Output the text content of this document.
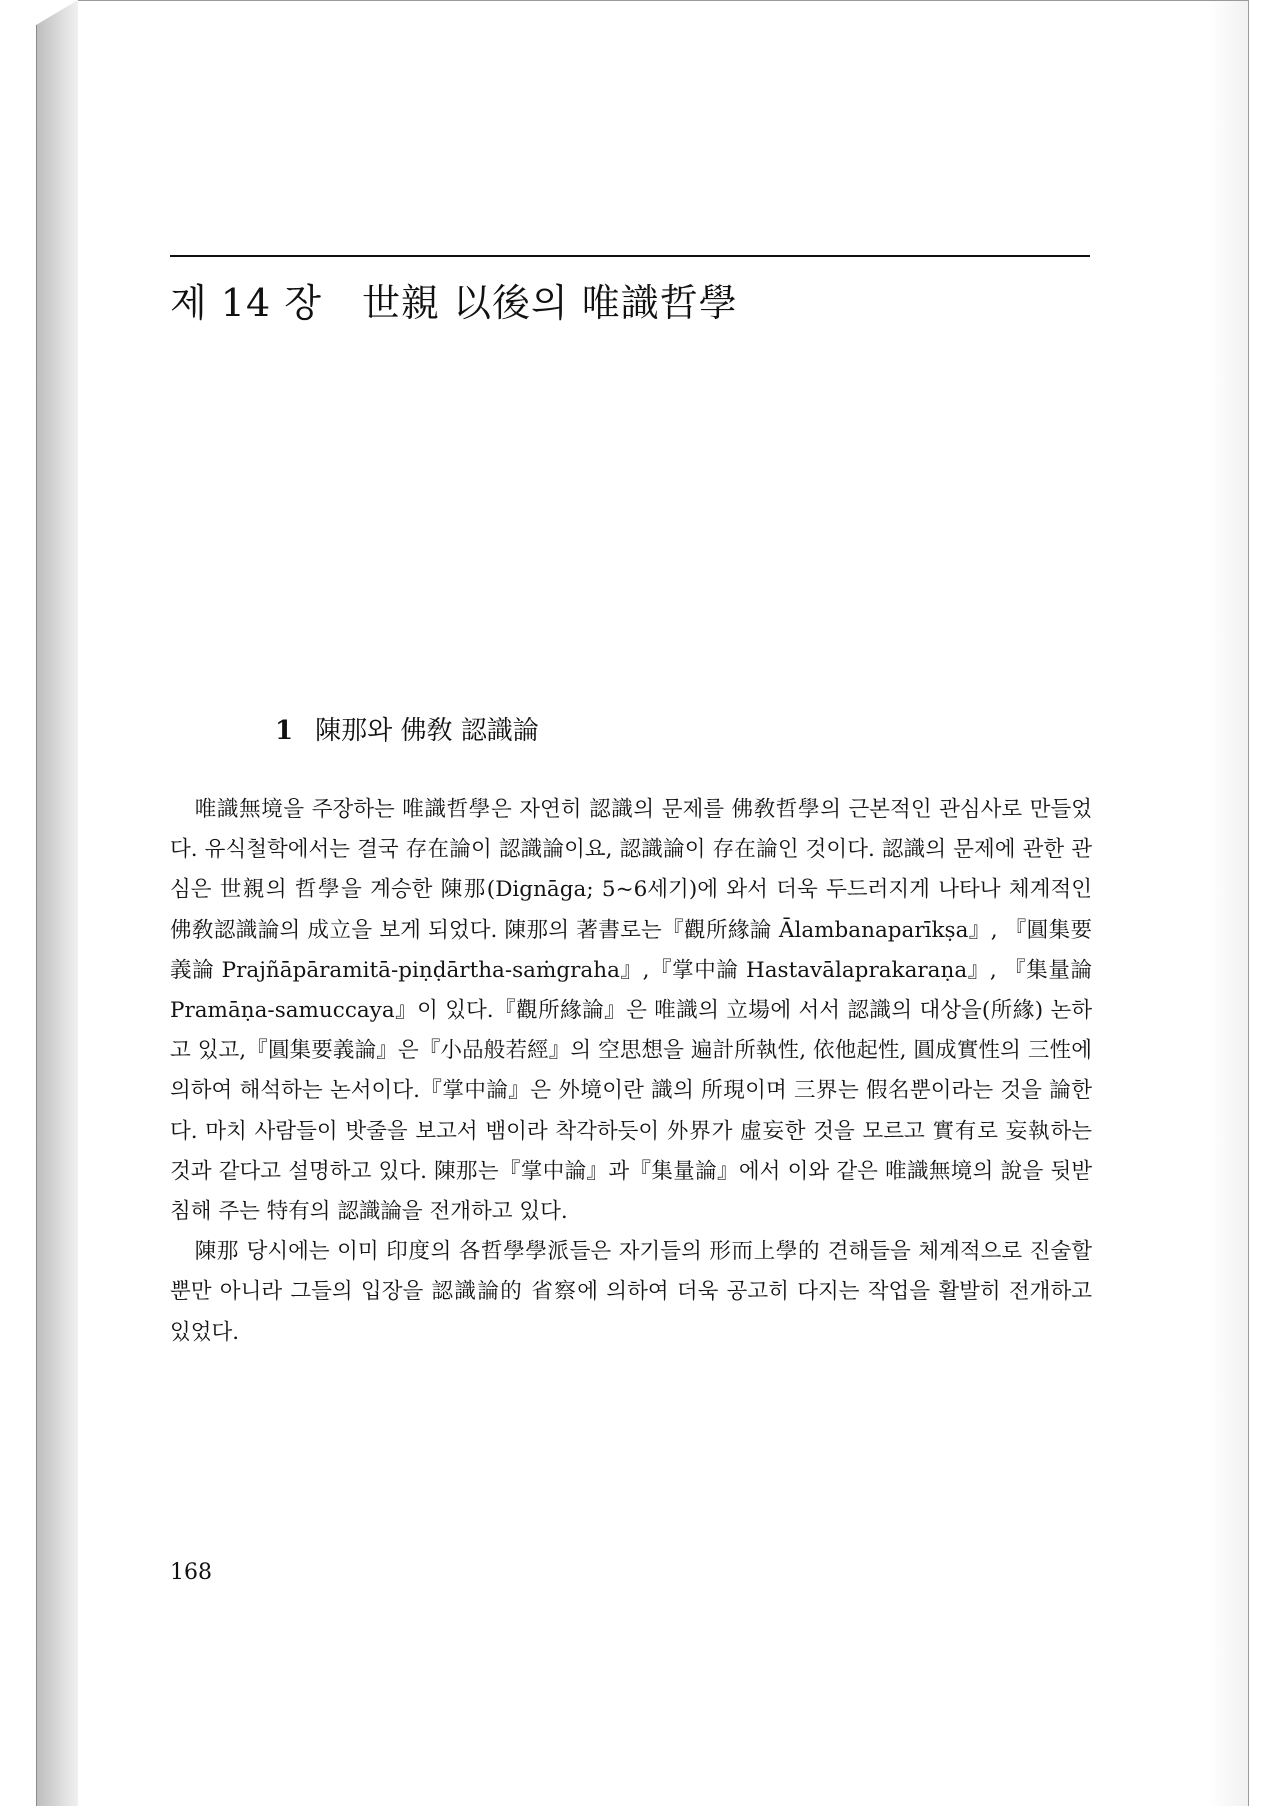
제 14 장 世親 以後의 唯識哲學
1 陳那와 佛敎 認識論

唯識無境을 주장하는 唯識哲學은 자연히 認識의 문제를 佛敎哲學의 근본적인 관심사로 만들었다. 유식철학에서는 결국 存在論이 認識論이요, 認識論이 存在論인 것이다. 認識의 문제에 관한 관심은 世親의 哲學을 계승한 陳那(Dignāga; 5~6세기)에 와서 더욱 두드러지게 나타나 체계적인 佛敎認識論의 成立을 보게 되었다. 陳那의 著書로는『觀所緣論 Ālambanaparīkṣa』, 『圓集要義論 Prajñāpāramitā-piṇḍārtha-saṁgraha』,『掌中論 Hastavālaprakaraṇa』, 『集量論 Pramāṇa-samuccaya』이 있다.『觀所緣論』은 唯識의 立場에 서서 認識의 대상을(所緣) 논하고 있고,『圓集要義論』은『小品般若經』의 空思想을 遍計所執性, 依他起性, 圓成實性의 三性에 의하여 해석하는 논서이다.『掌中論』은 外境이란 識의 所現이며 三界는 假名뿐이라는 것을 論한다. 마치 사람들이 밧줄을 보고서 뱀이라 착각하듯이 外界가 虛妄한 것을 모르고 實有로 妄執하는 것과 같다고 설명하고 있다. 陳那는『掌中論』과『集量論』에서 이와 같은 唯識無境의 說을 뒷받침해 주는 特有의 認識論을 전개하고 있다.

陳那 당시에는 이미 印度의 各哲學學派들은 자기들의 形而上學的 견해들을 체계적으로 진술할 뿐만 아니라 그들의 입장을 認識論的 省察에 의하여 더욱 공고히 다지는 작업을 활발히 전개하고 있었다.

168
